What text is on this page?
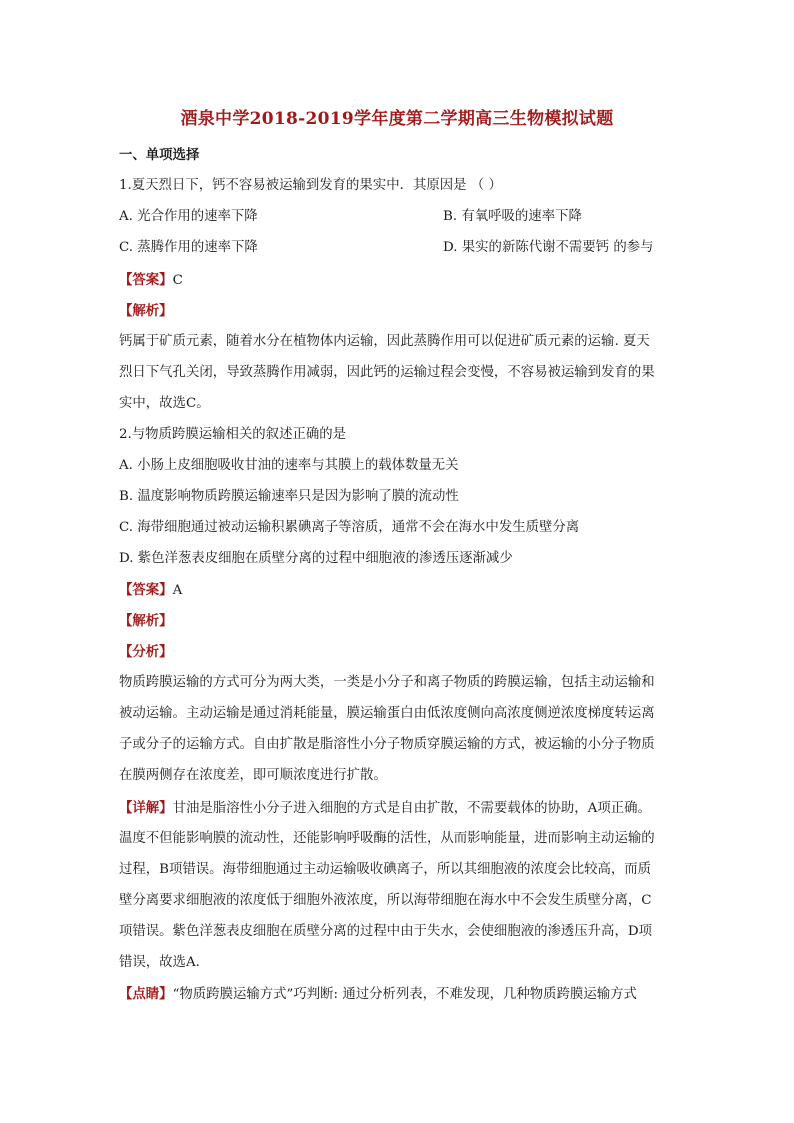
酒泉中学2018-2019学年度第二学期高三生物模拟试题
一、单项选择
1.夏天烈日下，钙不容易被运输到发育的果实中．其原因是 （ ）
A. 光合作用的速率下降	B. 有氧呼吸的速率下降
C. 蒸腾作用的速率下降	D. 果实的新陈代谢不需要钙 的参与
【答案】C
【解析】
钙属于矿质元素，随着水分在植物体内运输，因此蒸腾作用可以促进矿质元素的运输. 夏天
烈日下气孔关闭，导致蒸腾作用减弱，因此钙的运输过程会变慢，不容易被运输到发育的果
实中，故选C。
2.与物质跨膜运输相关的叙述正确的是
A. 小肠上皮细胞吸收甘油的速率与其膜上的载体数量无关
B. 温度影响物质跨膜运输速率只是因为影响了膜的流动性
C. 海带细胞通过被动运输积累碘离子等溶质，通常不会在海水中发生质壁分离
D. 紫色洋葱表皮细胞在质壁分离的过程中细胞液的渗透压逐渐减少
【答案】A
【解析】
【分析】
物质跨膜运输的方式可分为两大类，一类是小分子和离子物质的跨膜运输，包括主动运输和
被动运输。主动运输是通过消耗能量，膜运输蛋白由低浓度侧向高浓度侧逆浓度梯度转运离
子或分子的运输方式。自由扩散是脂溶性小分子物质穿膜运输的方式，被运输的小分子物质
在膜两侧存在浓度差，即可顺浓度进行扩散。
【详解】甘油是脂溶性小分子进入细胞的方式是自由扩散，不需要载体的协助，A项正确。
温度不但能影响膜的流动性，还能影响呼吸酶的活性，从而影响能量，进而影响主动运输的
过程，B项错误。海带细胞通过主动运输吸收碘离子，所以其细胞液的浓度会比较高，而质
壁分离要求细胞液的浓度低于细胞外液浓度，所以海带细胞在海水中不会发生质壁分离，C
项错误。紫色洋葱表皮细胞在质壁分离的过程中由于失水，会使细胞液的渗透压升高，D项
错误，故选A.
【点睛】“物质跨膜运输方式”巧判断: 通过分析列表，不难发现，几种物质跨膜运输方式
